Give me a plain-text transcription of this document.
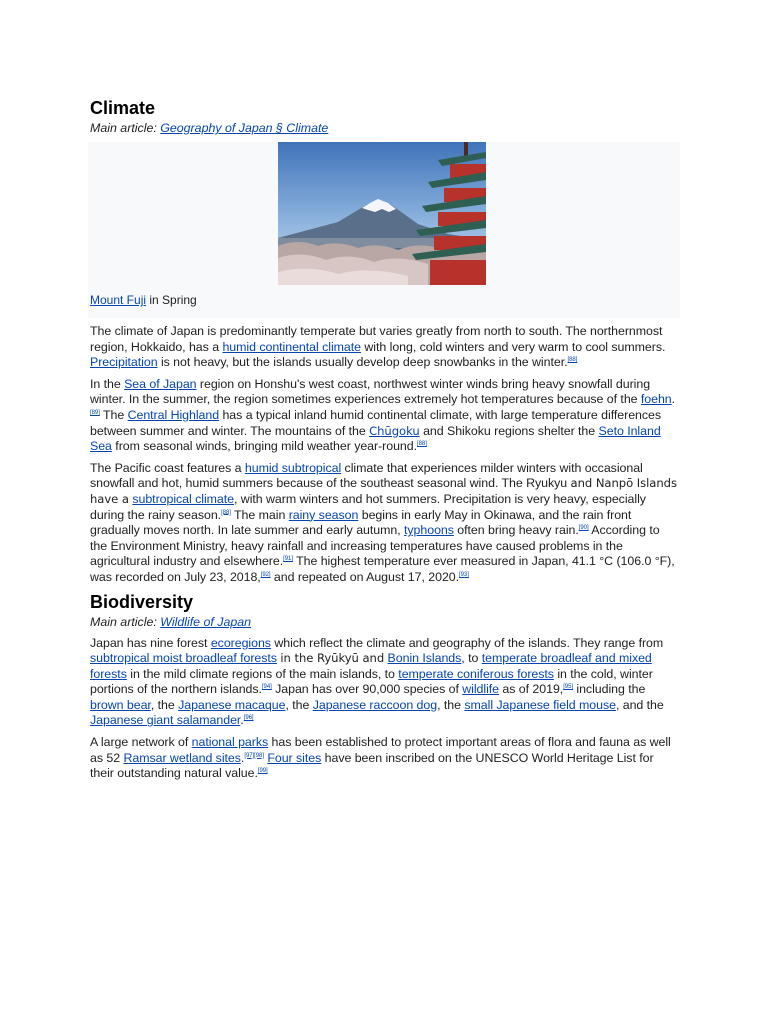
Climate
Main article: Geography of Japan § Climate
Mount Fuji in Spring

The climate of Japan is predominantly temperate but varies greatly from north to south. The northernmost region, Hokkaido, has a humid continental climate with long, cold winters and very warm to cool summers. Precipitation is not heavy, but the islands usually develop deep snowbanks in the winter.[88]

In the Sea of Japan region on Honshu's west coast, northwest winter winds bring heavy snowfall during winter. In the summer, the region sometimes experiences extremely hot temperatures because of the foehn.[89] The Central Highland has a typical inland humid continental climate, with large temperature differences between summer and winter. The mountains of the Chūgoku and Shikoku regions shelter the Seto Inland Sea from seasonal winds, bringing mild weather year-round.[88]

The Pacific coast features a humid subtropical climate that experiences milder winters with occasional snowfall and hot, humid summers because of the southeast seasonal wind. The Ryukyu and Nanpō Islands have a subtropical climate, with warm winters and hot summers. Precipitation is very heavy, especially during the rainy season.[88] The main rainy season begins in early May in Okinawa, and the rain front gradually moves north. In late summer and early autumn, typhoons often bring heavy rain.[90] According to the Environment Ministry, heavy rainfall and increasing temperatures have caused problems in the agricultural industry and elsewhere.[91] The highest temperature ever measured in Japan, 41.1 °C (106.0 °F), was recorded on July 23, 2018,[92] and repeated on August 17, 2020.[93]

Biodiversity
Main article: Wildlife of Japan

Japan has nine forest ecoregions which reflect the climate and geography of the islands. They range from subtropical moist broadleaf forests in the Ryūkyū and Bonin Islands, to temperate broadleaf and mixed forests in the mild climate regions of the main islands, to temperate coniferous forests in the cold, winter portions of the northern islands.[94] Japan has over 90,000 species of wildlife as of 2019,[95] including the brown bear, the Japanese macaque, the Japanese raccoon dog, the small Japanese field mouse, and the Japanese giant salamander.[96]

A large network of national parks has been established to protect important areas of flora and fauna as well as 52 Ramsar wetland sites.[97][98] Four sites have been inscribed on the UNESCO World Heritage List for their outstanding natural value.[99]
